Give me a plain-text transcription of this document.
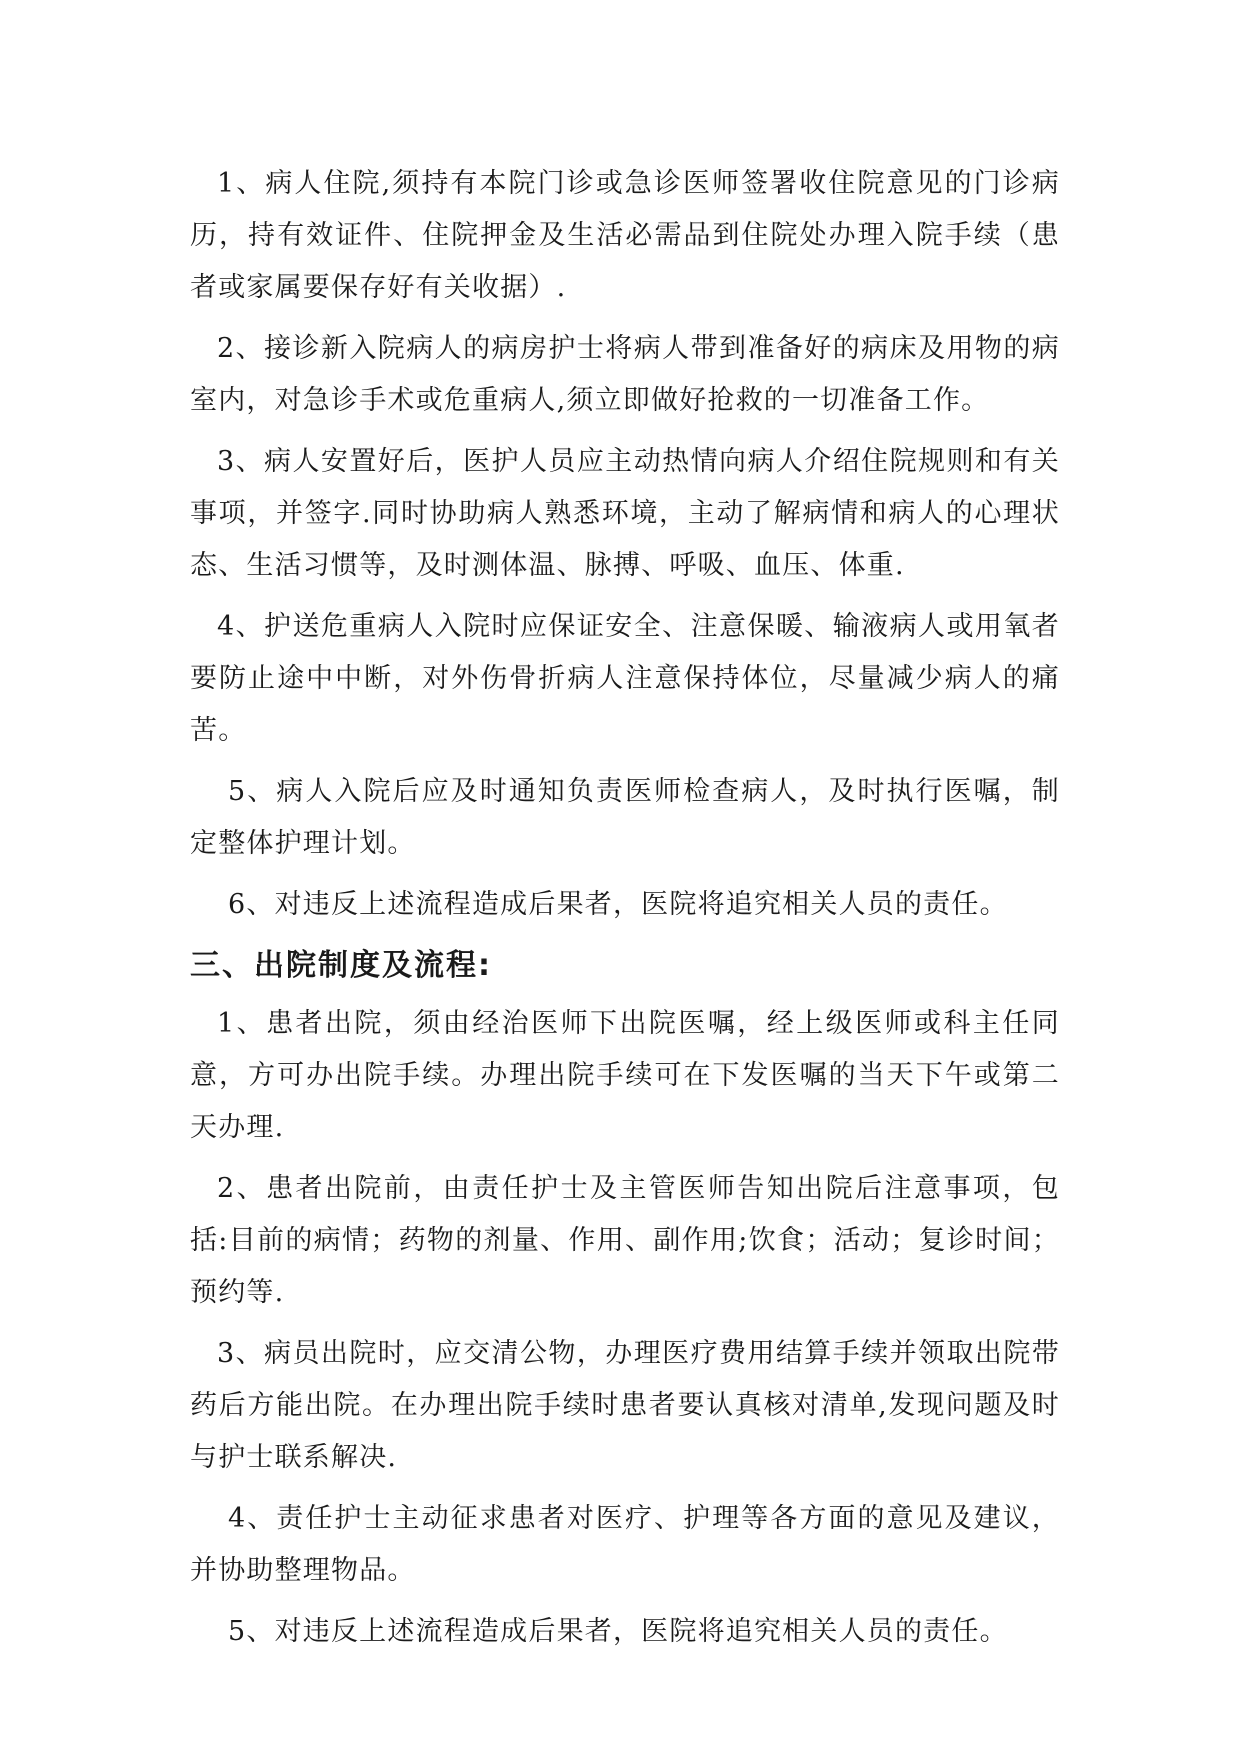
1、病人住院,须持有本院门诊或急诊医师签署收住院意见的门诊病历，持有效证件、住院押金及生活必需品到住院处办理入院手续（患者或家属要保存好有关收据）.

2、接诊新入院病人的病房护士将病人带到准备好的病床及用物的病室内，对急诊手术或危重病人,须立即做好抢救的一切准备工作。

3、病人安置好后，医护人员应主动热情向病人介绍住院规则和有关事项，并签字.同时协助病人熟悉环境，主动了解病情和病人的心理状态、生活习惯等，及时测体温、脉搏、呼吸、血压、体重.

4、护送危重病人入院时应保证安全、注意保暖、输液病人或用氧者要防止途中中断，对外伤骨折病人注意保持体位，尽量减少病人的痛苦。

5、病人入院后应及时通知负责医师检查病人，及时执行医嘱，制定整体护理计划。

6、对违反上述流程造成后果者，医院将追究相关人员的责任。

三、出院制度及流程:

1、患者出院，须由经治医师下出院医嘱，经上级医师或科主任同意，方可办出院手续。办理出院手续可在下发医嘱的当天下午或第二天办理.

2、患者出院前，由责任护士及主管医师告知出院后注意事项，包括:目前的病情；药物的剂量、作用、副作用;饮食；活动；复诊时间；预约等.

3、病员出院时，应交清公物，办理医疗费用结算手续并领取出院带药后方能出院。在办理出院手续时患者要认真核对清单,发现问题及时与护士联系解决.

4、责任护士主动征求患者对医疗、护理等各方面的意见及建议，并协助整理物品。

5、对违反上述流程造成后果者，医院将追究相关人员的责任。
